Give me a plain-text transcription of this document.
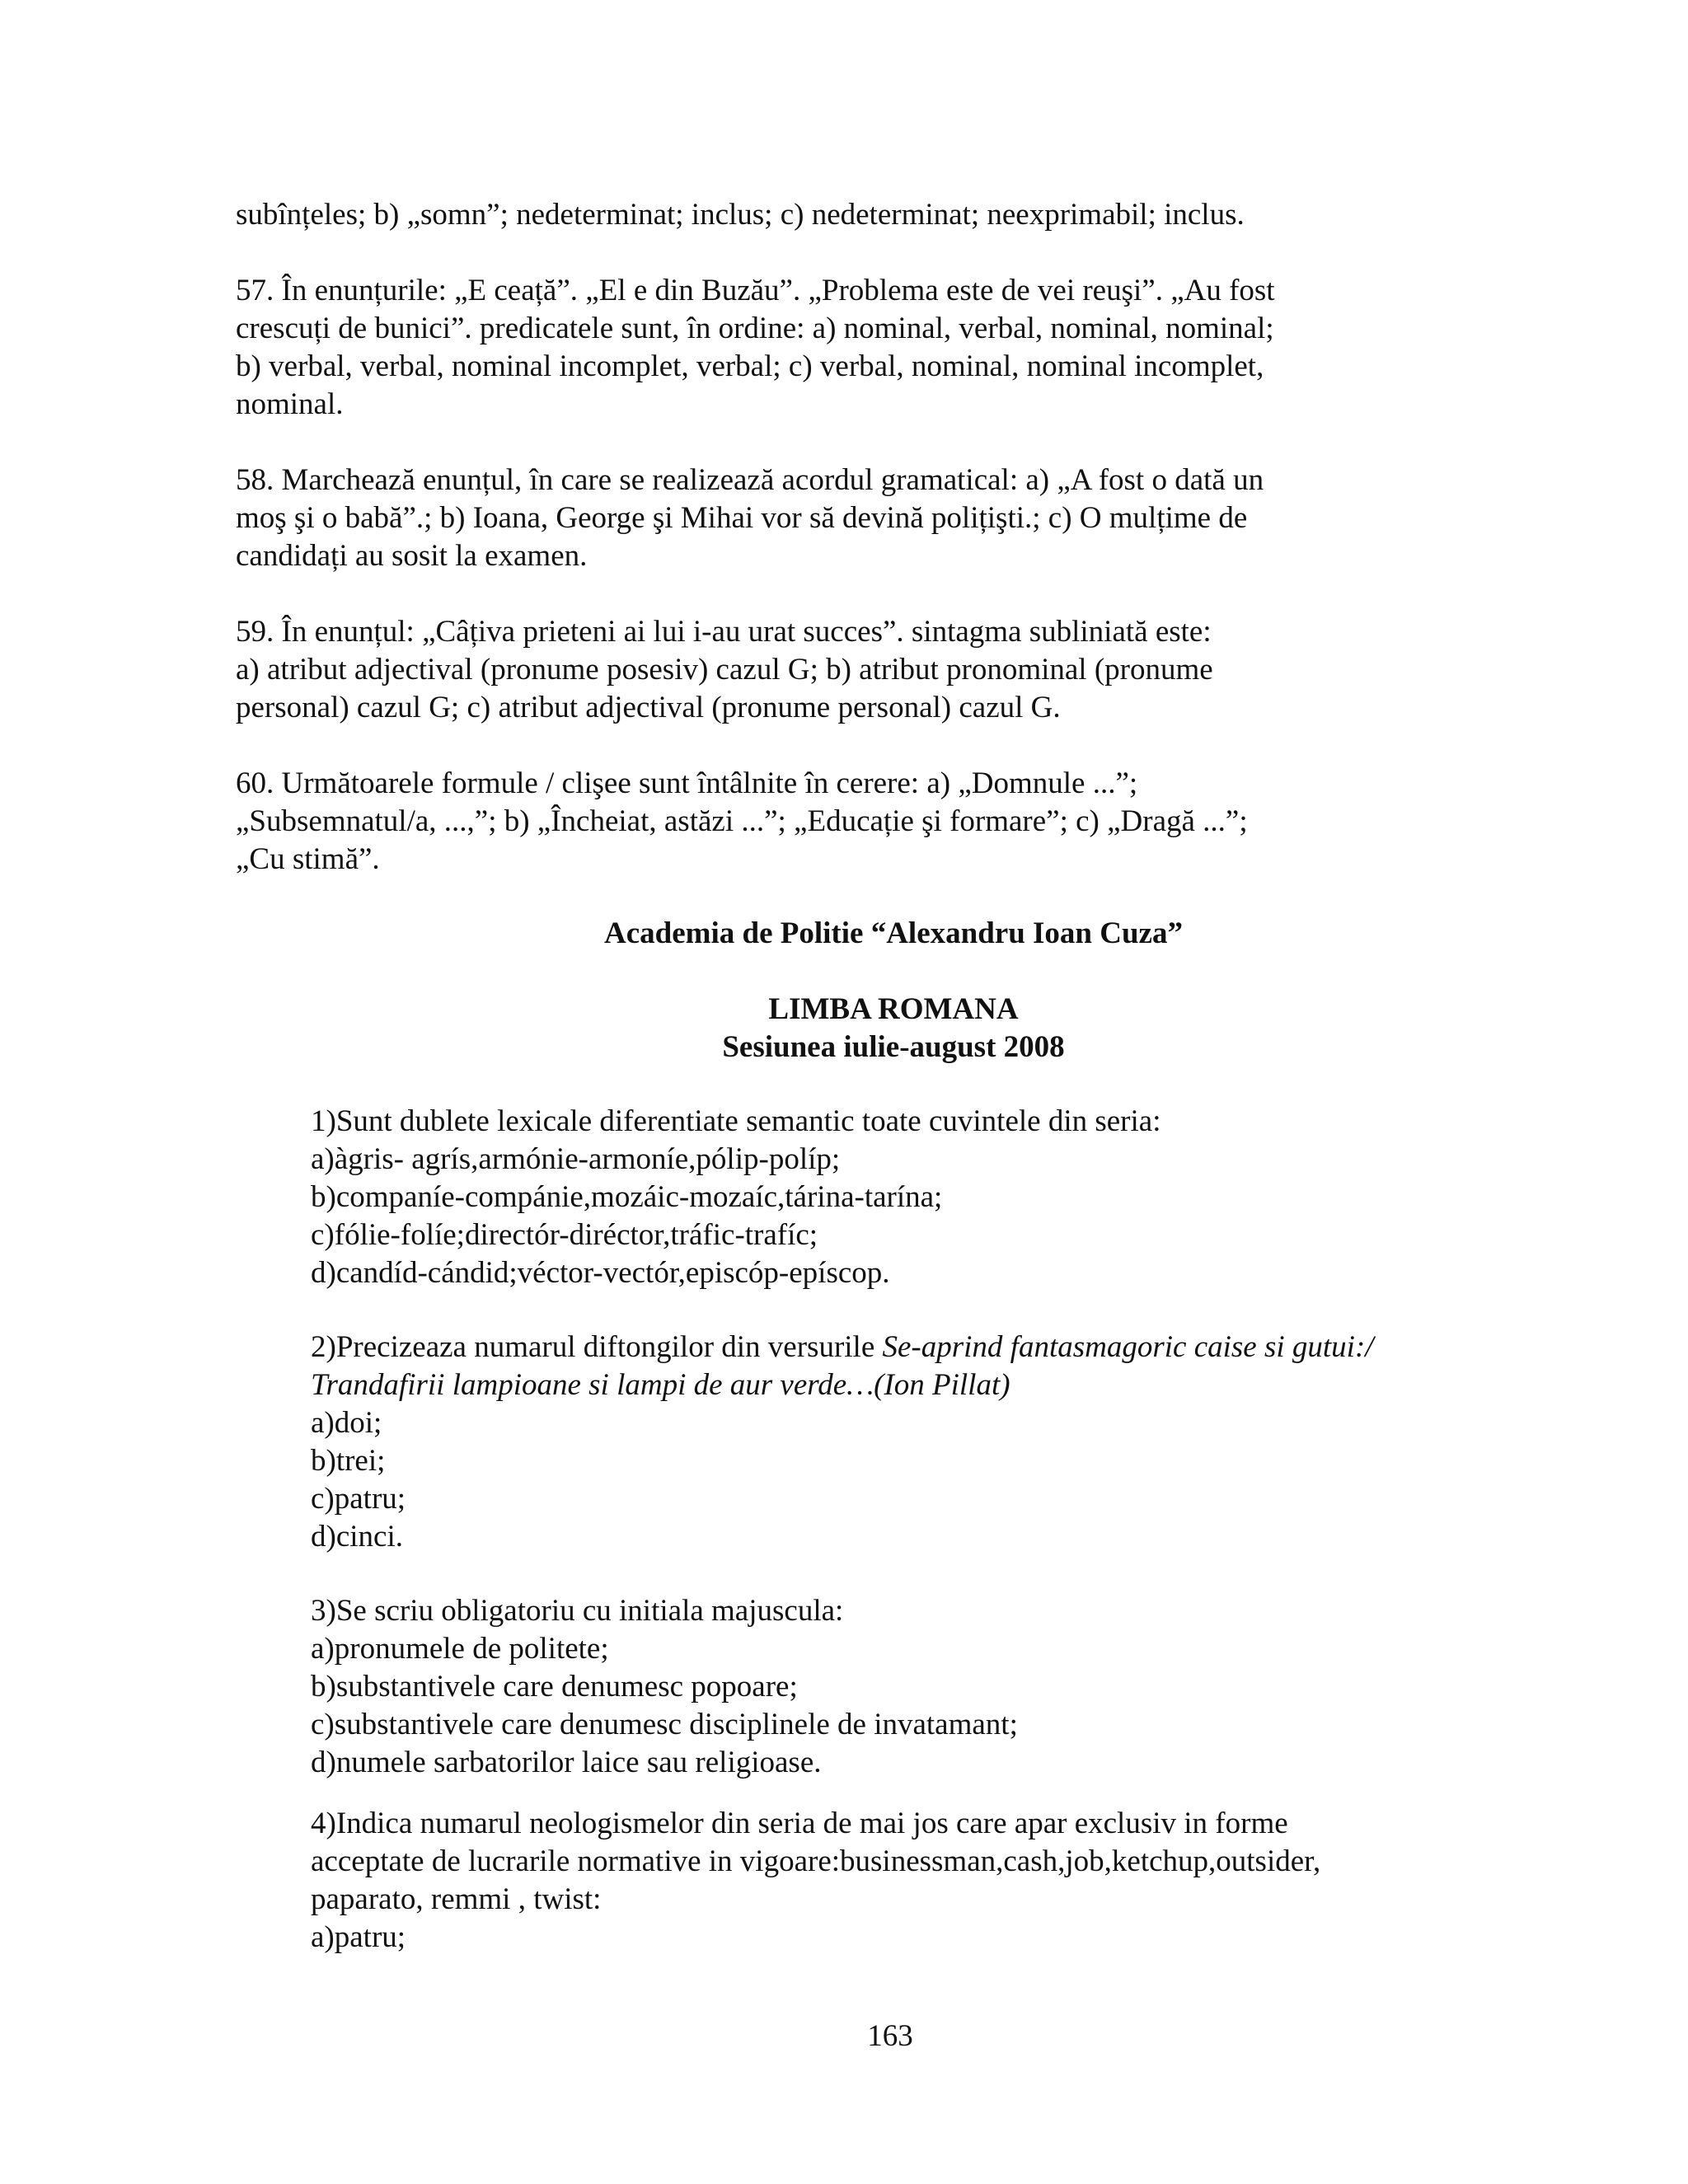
subînțeles; b) „somn”; nedeterminat; inclus; c) nedeterminat; neexprimabil; inclus.
57. În enunțurile: „E ceață”. „El e din Buzău”. „Problema este de vei reuşi”. „Au fost
crescuți de bunici”. predicatele sunt, în ordine: a) nominal, verbal, nominal, nominal;
b) verbal, verbal, nominal incomplet, verbal; c) verbal, nominal, nominal incomplet,
nominal.
58. Marchează enunțul, în care se realizează acordul gramatical: a) „A fost o dată un
moş şi o babă”.; b) Ioana, George şi Mihai vor să devină polițişti.; c) O mulțime de
candidați au sosit la examen.
59. În enunțul: „Câțiva prieteni ai lui i-au urat succes”. sintagma subliniată este:
a) atribut adjectival (pronume posesiv) cazul G; b) atribut pronominal (pronume
personal) cazul G; c) atribut adjectival (pronume personal) cazul G.
60. Următoarele formule / clişee sunt întâlnite în cerere: a) „Domnule ...”;
„Subsemnatul/a, ...,”; b) „Încheiat, astăzi ...”; „Educație şi formare”; c) „Dragă ...”;
„Cu stimă”.
Academia de Politie “Alexandru Ioan Cuza”
LIMBA ROMANA
Sesiunea iulie-august 2008
1)Sunt dublete lexicale diferentiate semantic toate cuvintele din seria:
a)àgris- agrís,armónie-armoníe,pólip-políp;
b)companíe-compánie,mozáic-mozaíc,tárina-tarína;
c)fólie-folíe;directór-diréctor,tráfic-trafíc;
d)candíd-cándid;véctor-vectór,episcóp-epíscop.
2)Precizeaza numarul diftongilor din versurile Se-aprind fantasmagoric caise si gutui:/
Trandafirii lampioane si lampi de aur verde…(Ion Pillat)
a)doi;
b)trei;
c)patru;
d)cinci.
3)Se scriu obligatoriu cu initiala majuscula:
a)pronumele de politete;
b)substantivele care denumesc popoare;
c)substantivele care denumesc disciplinele de invatamant;
d)numele sarbatorilor laice sau religioase.
4)Indica numarul neologismelor din seria de mai jos care apar exclusiv in forme
acceptate de lucrarile normative in vigoare:businessman,cash,job,ketchup,outsider,
paparato, remmi , twist:
a)patru;
163
